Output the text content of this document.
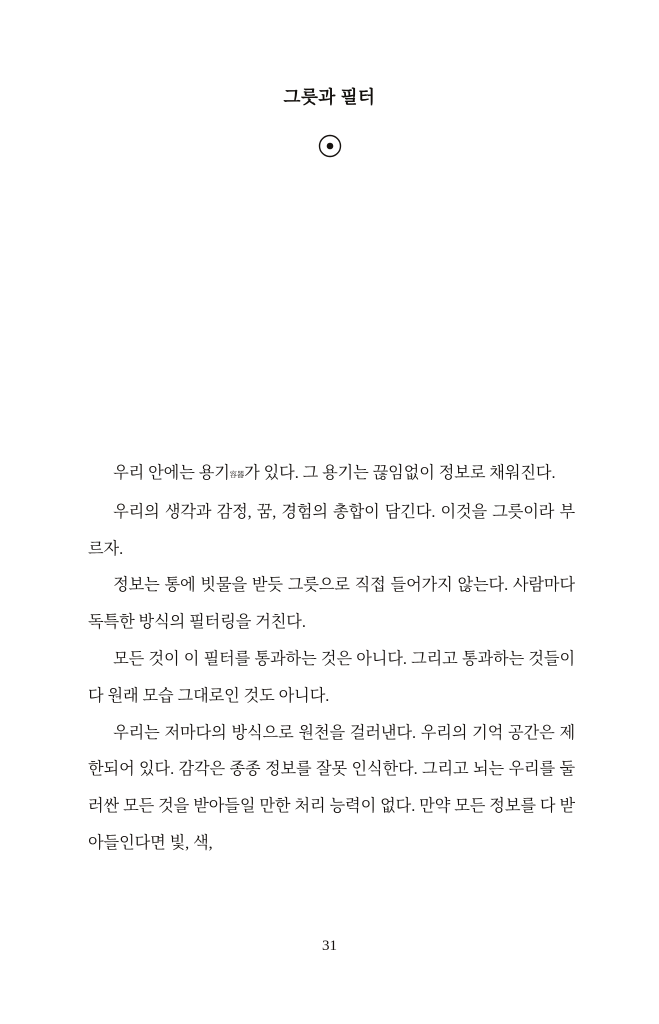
그릇과 필터

우리 안에는 용기容器가 있다. 그 용기는 끊임없이 정보로 채워진다.

우리의 생각과 감정, 꿈, 경험의 총합이 담긴다. 이것을 그릇이라 부르자.

정보는 통에 빗물을 받듯 그릇으로 직접 들어가지 않는다. 사람마다 독특한 방식의 필터링을 거친다.

모든 것이 이 필터를 통과하는 것은 아니다. 그리고 통과하는 것들이 다 원래 모습 그대로인 것도 아니다.

우리는 저마다의 방식으로 원천을 걸러낸다. 우리의 기억 공간은 제한되어 있다. 감각은 종종 정보를 잘못 인식한다. 그리고 뇌는 우리를 둘러싼 모든 것을 받아들일 만한 처리 능력이 없다. 만약 모든 정보를 다 받아들인다면 빛, 색,

31
